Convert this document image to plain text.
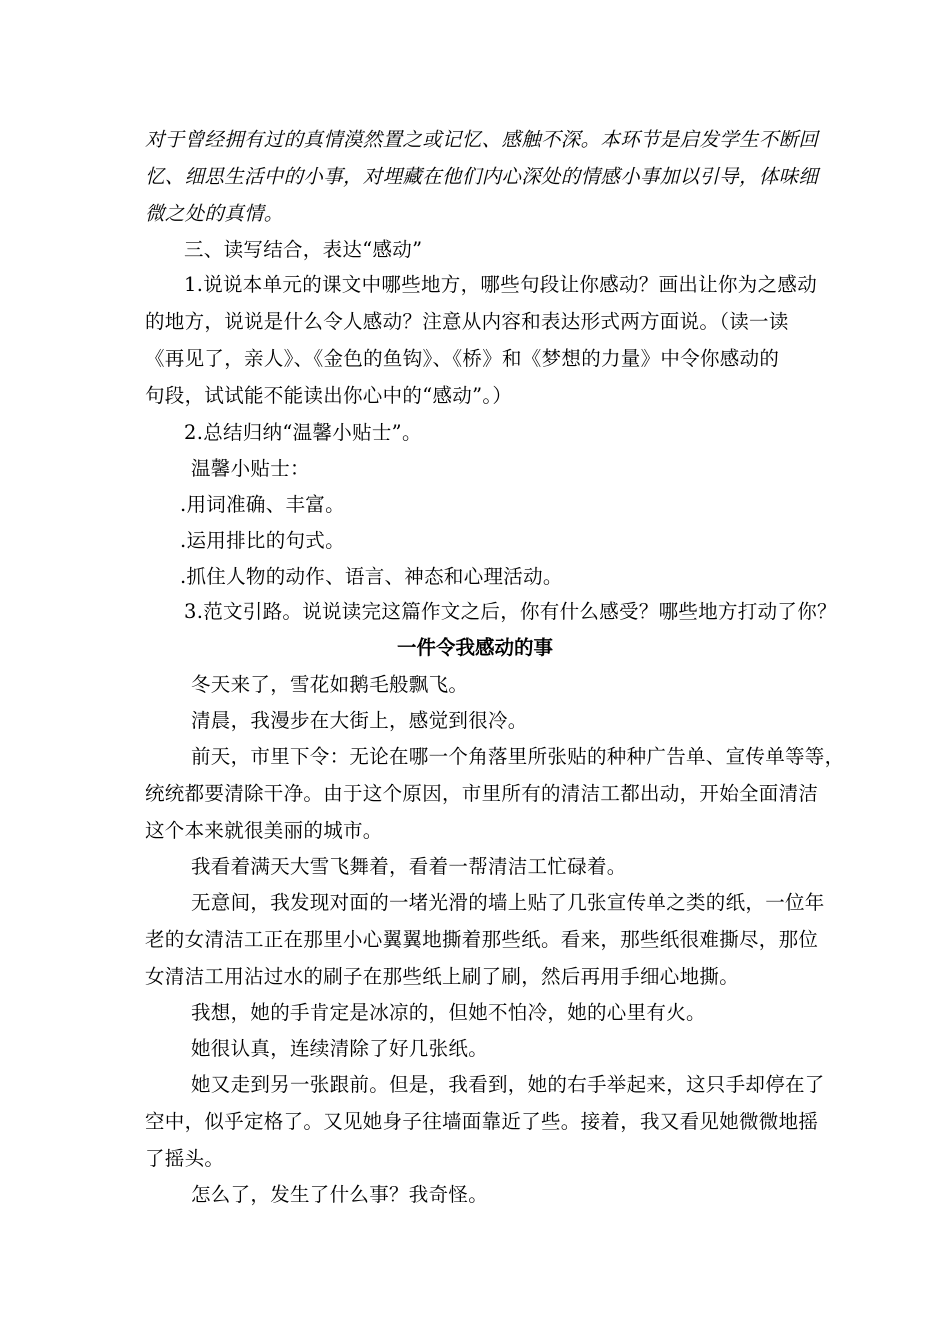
对于曾经拥有过的真情漠然置之或记忆、感触不深。本环节是启发学生不断回
忆、细思生活中的小事，对埋藏在他们内心深处的情感小事加以引导，体味细
微之处的真情。
三、读写结合，表达“感动”
1.说说本单元的课文中哪些地方，哪些句段让你感动？画出让你为之感动
的地方，说说是什么令人感动？注意从内容和表达形式两方面说。（读一读
《再见了，亲人》、《金色的鱼钩》、《桥》和《梦想的力量》中令你感动的
句段，试试能不能读出你心中的“感动”。）
2.总结归纳“温馨小贴士”。
温馨小贴士：
.用词准确、丰富。
.运用排比的句式。
.抓住人物的动作、语言、神态和心理活动。
3.范文引路。说说读完这篇作文之后，你有什么感受？哪些地方打动了你？
一件令我感动的事
冬天来了，雪花如鹅毛般飘飞。
清晨，我漫步在大街上，感觉到很冷。
前天，市里下令：无论在哪一个角落里所张贴的种种广告单、宣传单等等，
统统都要清除干净。由于这个原因，市里所有的清洁工都出动，开始全面清洁
这个本来就很美丽的城市。
我看着满天大雪飞舞着，看着一帮清洁工忙碌着。
无意间，我发现对面的一堵光滑的墙上贴了几张宣传单之类的纸，一位年
老的女清洁工正在那里小心翼翼地撕着那些纸。看来，那些纸很难撕尽，那位
女清洁工用沾过水的刷子在那些纸上刷了刷，然后再用手细心地撕。
我想，她的手肯定是冰凉的，但她不怕冷，她的心里有火。
她很认真，连续清除了好几张纸。
她又走到另一张跟前。但是，我看到，她的右手举起来，这只手却停在了
空中，似乎定格了。又见她身子往墙面靠近了些。接着，我又看见她微微地摇
了摇头。
怎么了，发生了什么事？我奇怪。
